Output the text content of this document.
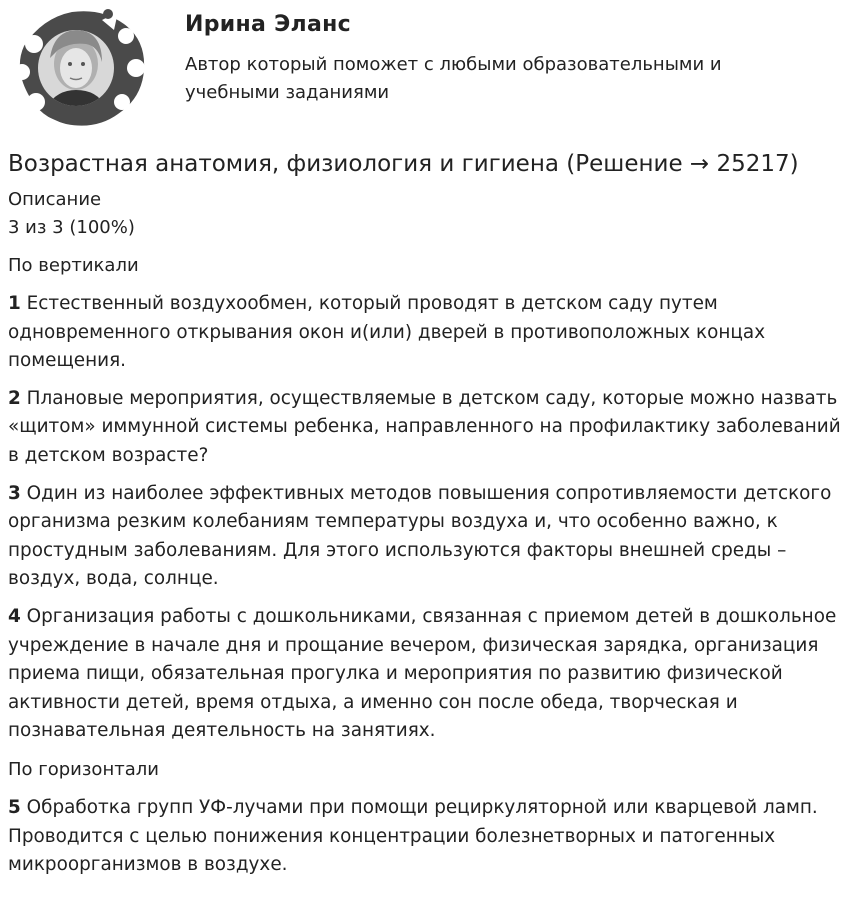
Ирина Эланс
Автор который поможет с любыми образовательными и учебными заданиями
Возрастная анатомия, физиология и гигиена (Решение → 25217)

Описание

3 из 3 (100%)

По вертикали

1 Естественный воздухообмен, который проводят в детском саду путем одновременного открывания окон и(или) дверей в противоположных концах помещения.

2 Плановые мероприятия, осуществляемые в детском саду, которые можно назвать «щитом» иммунной системы ребенка, направленного на профилактику заболеваний в детском возрасте?

3 Один из наиболее эффективных методов повышения сопротивляемости детского организма резким колебаниям температуры воздуха и, что особенно важно, к простудным заболеваниям. Для этого используются факторы внешней среды – воздух, вода, солнце.

4 Организация работы с дошкольниками, связанная с приемом детей в дошкольное учреждение в начале дня и прощание вечером, физическая зарядка, организация приема пищи, обязательная прогулка и мероприятия по развитию физической активности детей, время отдыха, а именно сон после обеда, творческая и познавательная деятельность на занятиях.

По горизонтали

5 Обработка групп УФ-лучами при помощи рециркуляторной или кварцевой ламп. Проводится с целью понижения концентрации болезнетворных и патогенных микроорганизмов в воздухе.
